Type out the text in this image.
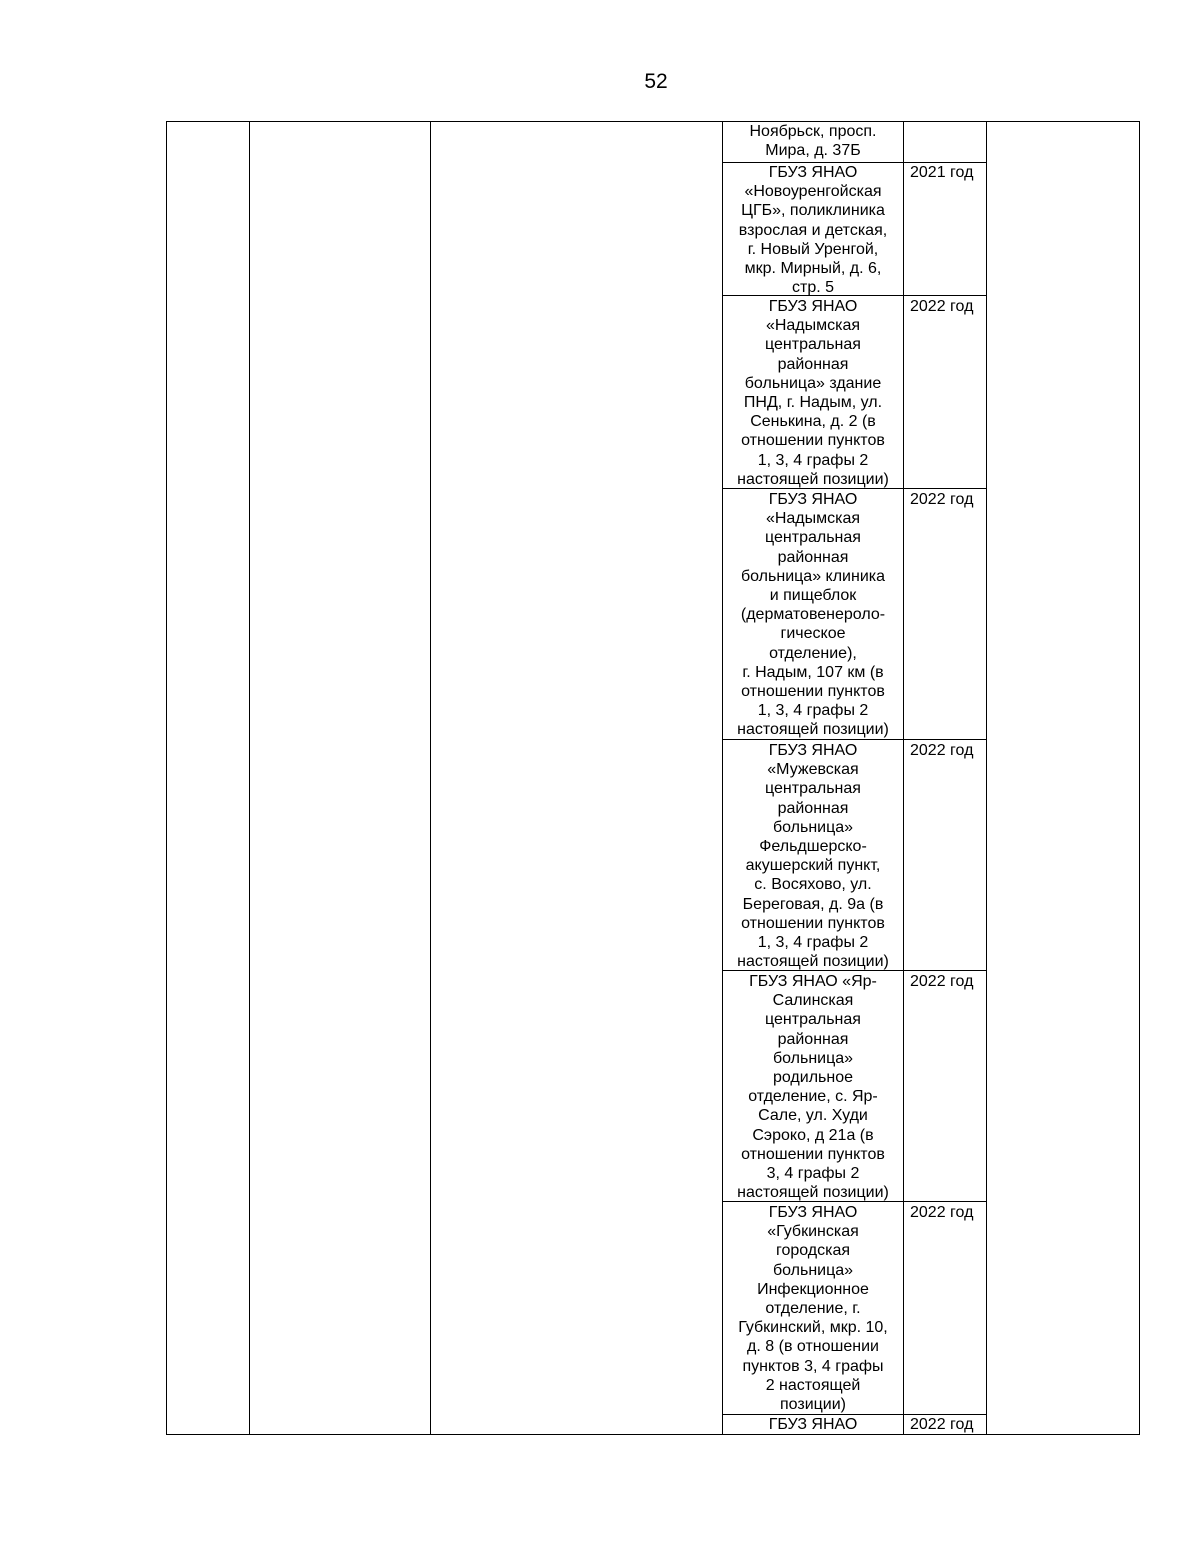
52
Ноябрьск, просп.
Мира, д. 37Б
ГБУЗ ЯНАО
«Новоуренгойская
ЦГБ», поликлиника
взрослая и детская,
г. Новый Уренгой,
мкр. Мирный, д. 6,
стр. 5
2021 год
ГБУЗ ЯНАО
«Надымская
центральная
районная
больница» здание
ПНД, г. Надым, ул.
Сенькина, д. 2 (в
отношении пунктов
1, 3, 4 графы 2
настоящей позиции)
2022 год
ГБУЗ ЯНАО
«Надымская
центральная
районная
больница» клиника
и пищеблок
(дерматовенероло-
гическое
отделение),
г. Надым, 107 км (в
отношении пунктов
1, 3, 4 графы 2
настоящей позиции)
2022 год
ГБУЗ ЯНАО
«Мужевская
центральная
районная
больница»
Фельдшерско-
акушерский пункт,
с. Восяхово, ул.
Береговая, д. 9а (в
отношении пунктов
1, 3, 4 графы 2
настоящей позиции)
2022 год
ГБУЗ ЯНАО «Яр-
Салинская
центральная
районная
больница»
родильное
отделение, с. Яр-
Сале, ул. Худи
Сэроко, д 21а (в
отношении пунктов
3, 4 графы 2
настоящей позиции)
2022 год
ГБУЗ ЯНАО
«Губкинская
городская
больница»
Инфекционное
отделение, г.
Губкинский, мкр. 10,
д. 8 (в отношении
пунктов 3, 4 графы
2 настоящей
позиции)
2022 год
ГБУЗ ЯНАО	2022 год
